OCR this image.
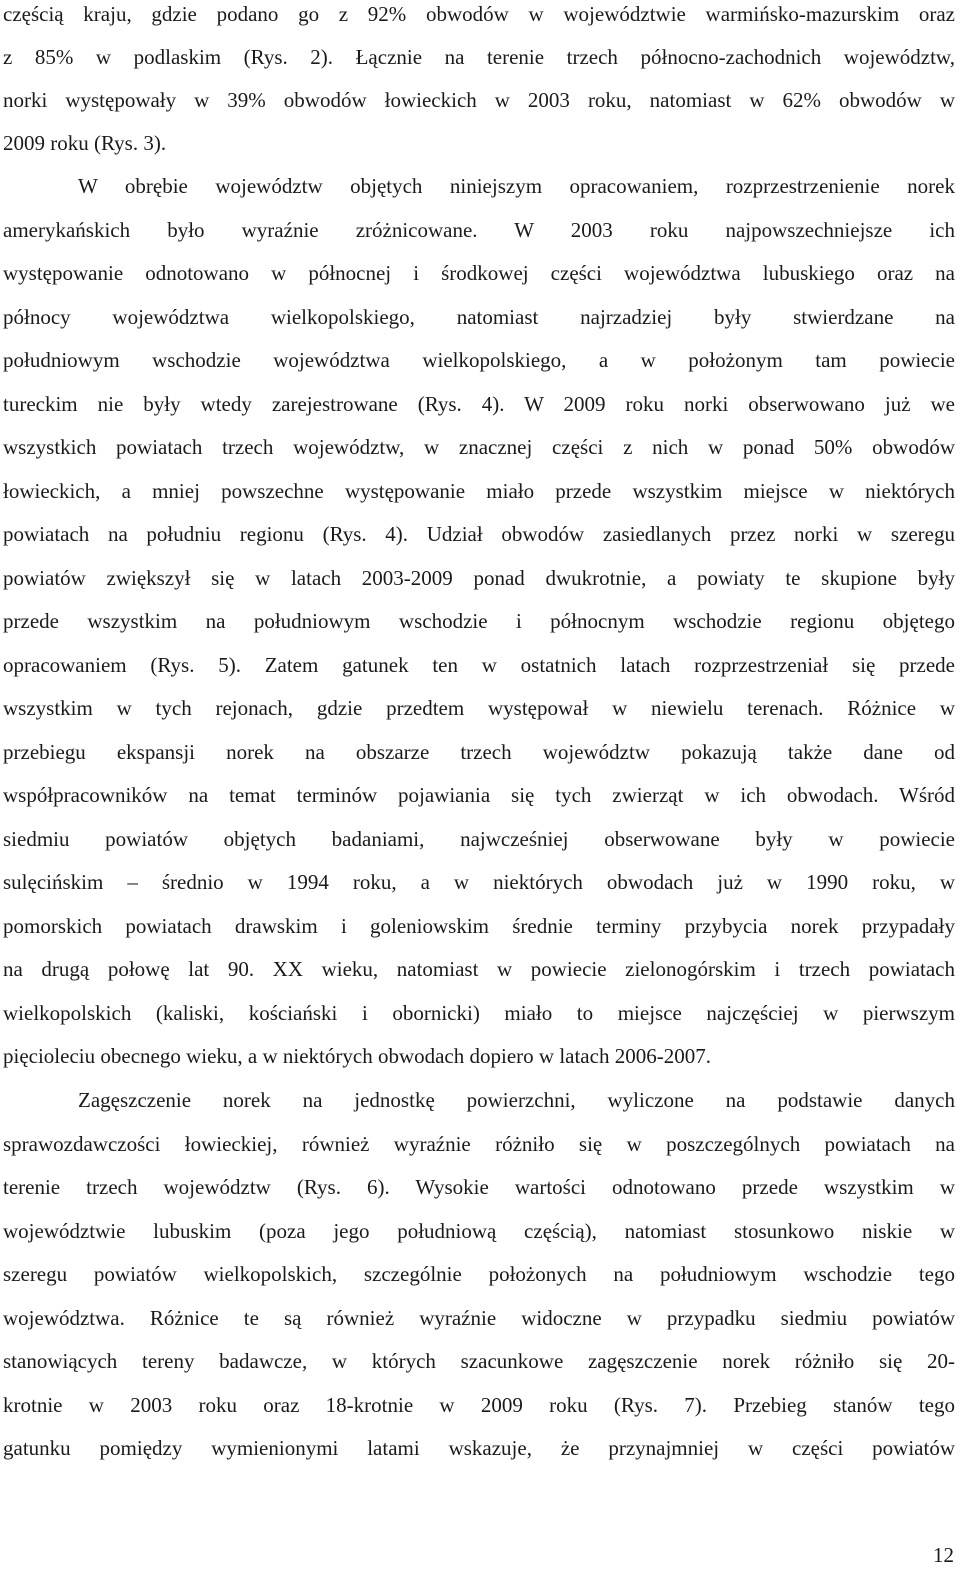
częścią kraju, gdzie podano go z 92% obwodów w województwie warmińsko-mazurskim oraz
z 85% w podlaskim (Rys. 2). Łącznie na terenie trzech północno-zachodnich województw,
norki występowały w 39% obwodów łowieckich w 2003 roku, natomiast w 62% obwodów w
2009 roku (Rys. 3).
W obrębie województw objętych niniejszym opracowaniem, rozprzestrzenienie norek
amerykańskich było wyraźnie zróżnicowane. W 2003 roku najpowszechniejsze ich
występowanie odnotowano w północnej i środkowej części województwa lubuskiego oraz na
północy województwa wielkopolskiego, natomiast najrzadziej były stwierdzane na
południowym wschodzie województwa wielkopolskiego, a w położonym tam powiecie
tureckim nie były wtedy zarejestrowane (Rys. 4). W 2009 roku norki obserwowano już we
wszystkich powiatach trzech województw, w znacznej części z nich w ponad 50% obwodów
łowieckich, a mniej powszechne występowanie miało przede wszystkim miejsce w niektórych
powiatach na południu regionu (Rys. 4). Udział obwodów zasiedlanych przez norki w szeregu
powiatów zwiększył się w latach 2003-2009 ponad dwukrotnie, a powiaty te skupione były
przede wszystkim na południowym wschodzie i północnym wschodzie regionu objętego
opracowaniem (Rys. 5). Zatem gatunek ten w ostatnich latach rozprzestrzeniał się przede
wszystkim w tych rejonach, gdzie przedtem występował w niewielu terenach. Różnice w
przebiegu ekspansji norek na obszarze trzech województw pokazują także dane od
współpracowników na temat terminów pojawiania się tych zwierząt w ich obwodach. Wśród
siedmiu powiatów objętych badaniami, najwcześniej obserwowane były w powiecie
sulęcińskim – średnio w 1994 roku, a w niektórych obwodach już w 1990 roku, w
pomorskich powiatach drawskim i goleniowskim średnie terminy przybycia norek przypadały
na drugą połowę lat 90. XX wieku, natomiast w powiecie zielonogórskim i trzech powiatach
wielkopolskich (kaliski, kościański i obornicki) miało to miejsce najczęściej w pierwszym
pięcioleciu obecnego wieku, a w niektórych obwodach dopiero w latach 2006-2007.
Zagęszczenie norek na jednostkę powierzchni, wyliczone na podstawie danych
sprawozdawczości łowieckiej, również wyraźnie różniło się w poszczególnych powiatach na
terenie trzech województw (Rys. 6). Wysokie wartości odnotowano przede wszystkim w
województwie lubuskim (poza jego południową częścią), natomiast stosunkowo niskie w
szeregu powiatów wielkopolskich, szczególnie położonych na południowym wschodzie tego
województwa. Różnice te są również wyraźnie widoczne w przypadku siedmiu powiatów
stanowiących tereny badawcze, w których szacunkowe zagęszczenie norek różniło się 20-
krotnie w 2003 roku oraz 18-krotnie w 2009 roku (Rys. 7). Przebieg stanów tego
gatunku pomiędzy wymienionymi latami wskazuje, że przynajmniej w części powiatów
12
